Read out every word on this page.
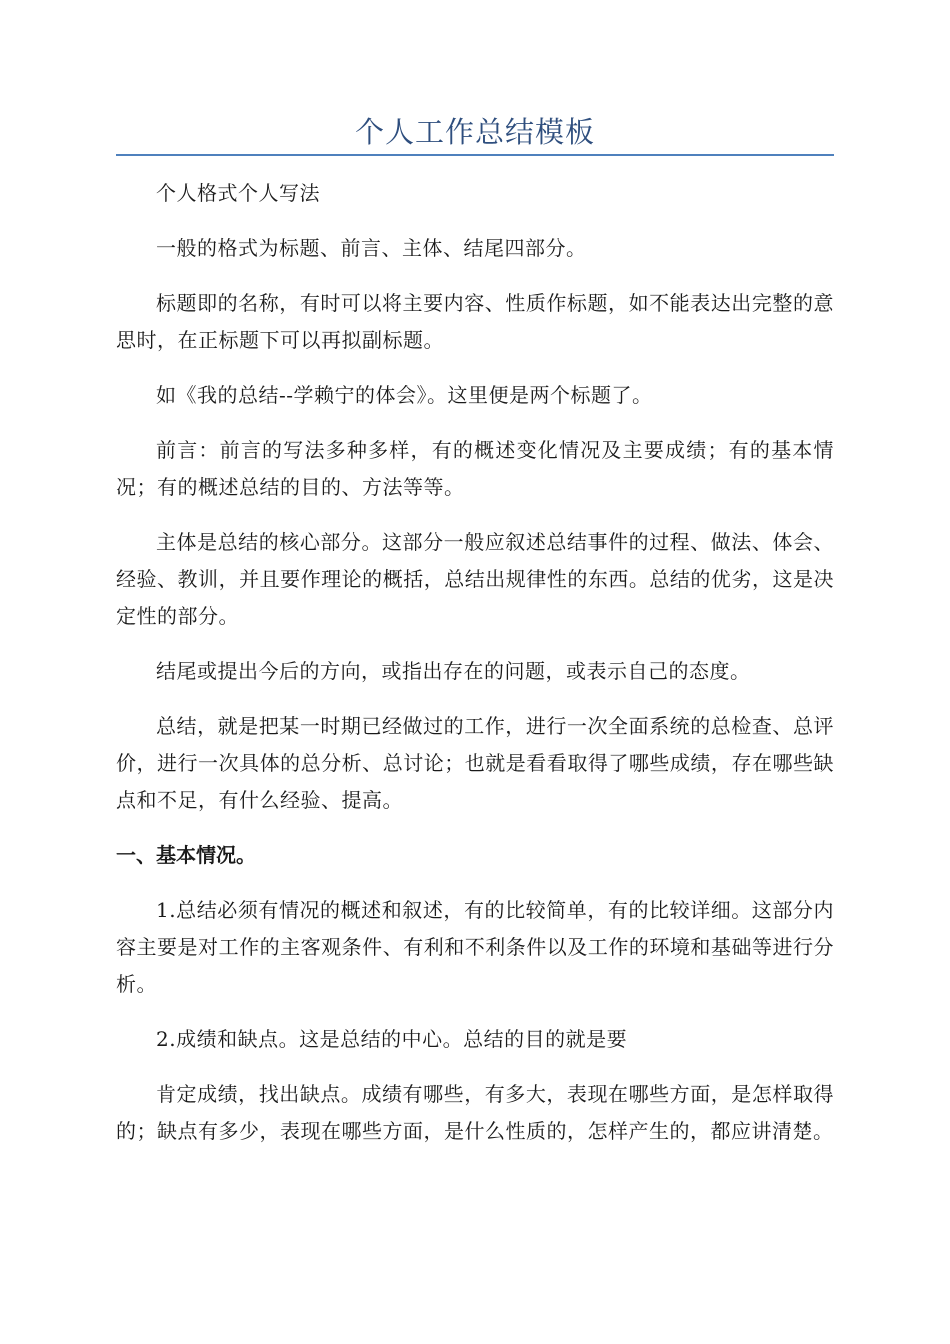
个人工作总结模板

个人格式个人写法

一般的格式为标题、前言、主体、结尾四部分。

标题即的名称，有时可以将主要内容、性质作标题，如不能表达出完整的意思时，在正标题下可以再拟副标题。

如《我的总结--学赖宁的体会》。这里便是两个标题了。

前言：前言的写法多种多样，有的概述变化情况及主要成绩；有的基本情况；有的概述总结的目的、方法等等。

主体是总结的核心部分。这部分一般应叙述总结事件的过程、做法、体会、经验、教训，并且要作理论的概括，总结出规律性的东西。总结的优劣，这是决定性的部分。

结尾或提出今后的方向，或指出存在的问题，或表示自己的态度。

总结，就是把某一时期已经做过的工作，进行一次全面系统的总检查、总评价，进行一次具体的总分析、总讨论；也就是看看取得了哪些成绩，存在哪些缺点和不足，有什么经验、提高。

一、基本情况。

1.总结必须有情况的概述和叙述，有的比较简单，有的比较详细。这部分内容主要是对工作的主客观条件、有利和不利条件以及工作的环境和基础等进行分析。

2.成绩和缺点。这是总结的中心。总结的目的就是要

肯定成绩，找出缺点。成绩有哪些，有多大，表现在哪些方面，是怎样取得的；缺点有多少，表现在哪些方面，是什么性质的，怎样产生的，都应讲清楚。
